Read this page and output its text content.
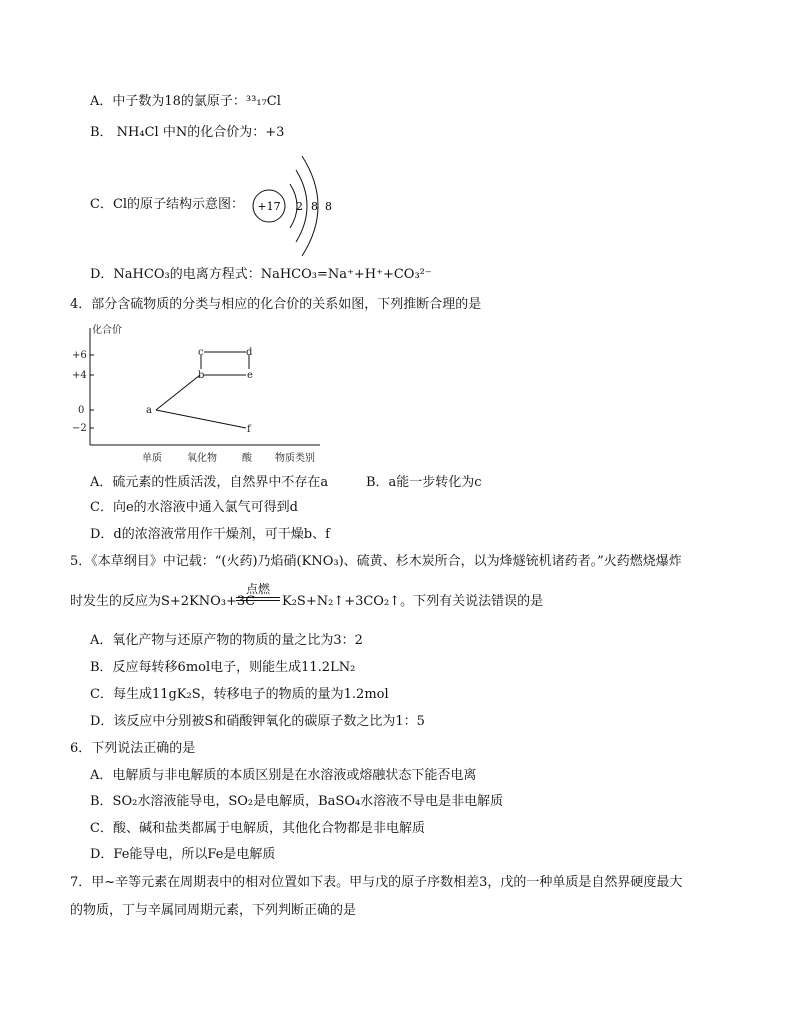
A．中子数为18的氯原子：³³₁₇Cl
B． NH₄Cl 中N的化合价为：+3
C．Cl的原子结构示意图： +17 2 8 8
D．NaHCO₃的电离方程式：NaHCO₃=Na⁺+H⁺+CO₃²⁻
4．部分含硫物质的分类与相应的化合价的关系如图，下列推断合理的是
化合价
+6
+4
0
−2
单质	氧化物	酸 物质类别
a
b
c	d
e
f
A．硫元素的性质活泼，自然界中不存在a	B．a能一步转化为c
C．向e的水溶液中通入氯气可得到d
D．d的浓溶液常用作干燥剂，可干燥b、f
5．《本草纲目》中记载：“(火药)乃焰硝(KNO₃)、硫黄、杉木炭所合，以为烽燧铳机诸药者。”火药燃烧爆炸
点燃
时发生的反应为S+2KNO₃+3C K₂S+N₂↑+3CO₂↑。下列有关说法错误的是
A．氧化产物与还原产物的物质的量之比为3：2
B．反应每转移6mol电子，则能生成11.2LN₂
C．每生成11gK₂S，转移电子的物质的量为1.2mol
D．该反应中分别被S和硝酸钾氧化的碳原子数之比为1：5
6．下列说法正确的是
A．电解质与非电解质的本质区别是在水溶液或熔融状态下能否电离
B．SO₂水溶液能导电，SO₂是电解质，BaSO₄水溶液不导电是非电解质
C．酸、碱和盐类都属于电解质，其他化合物都是非电解质
D．Fe能导电，所以Fe是电解质
7．甲~辛等元素在周期表中的相对位置如下表。甲与戊的原子序数相差3，戊的一种单质是自然界硬度最大
的物质，丁与辛属同周期元素，下列判断正确的是
